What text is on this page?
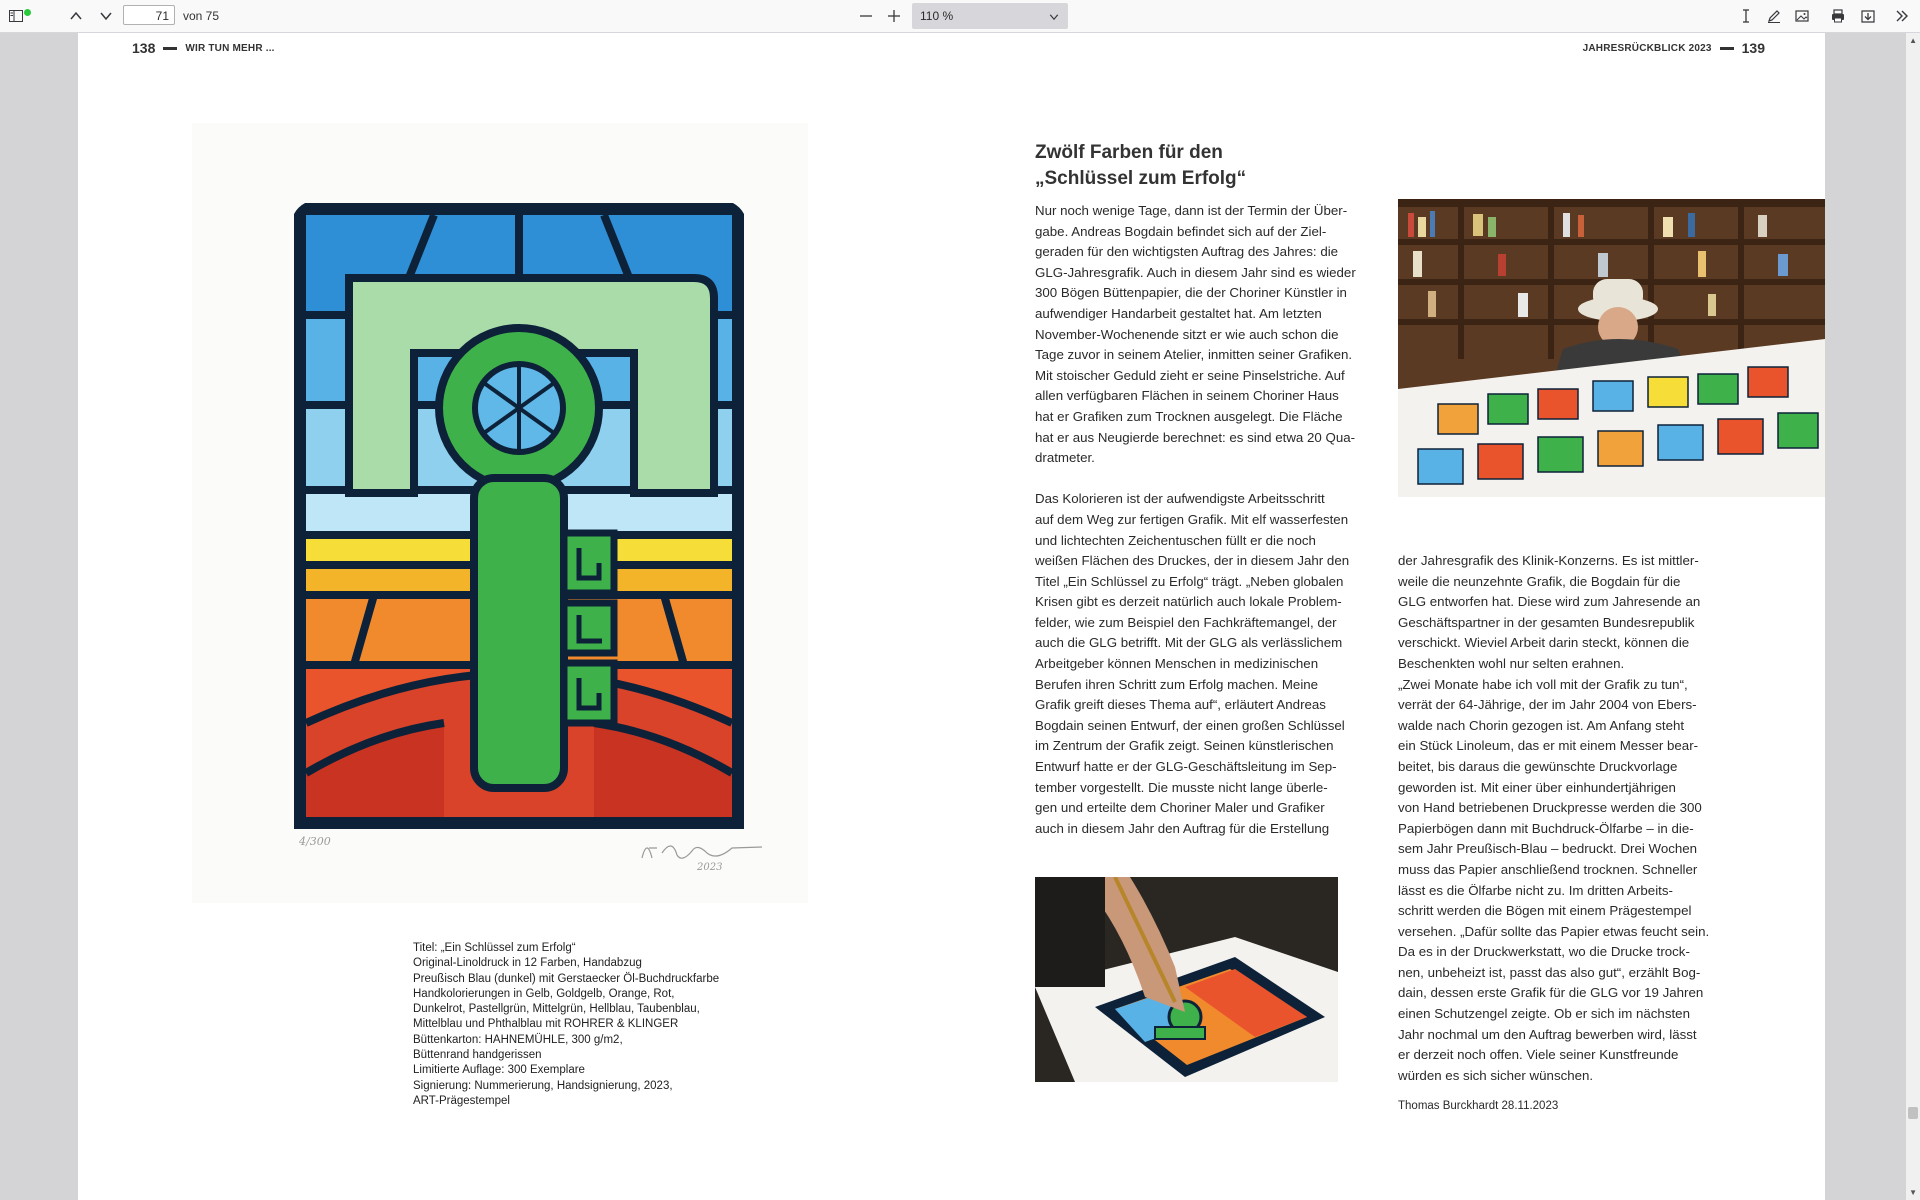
71	von 75	110 %
138	WIR TUN MEHR ...	JAHRESRÜCKBLICK 2023 139
4/300
2023
Titel: „Ein Schlüssel zum Erfolg“
Original-Linoldruck in 12 Farben, Handabzug
Preußisch Blau (dunkel) mit Gerstaecker Öl-Buchdruckfarbe
Handkolorierungen in Gelb, Goldgelb, Orange, Rot,
Dunkelrot, Pastellgrün, Mittelgrün, Hellblau, Taubenblau,
Mittelblau und Phthalblau mit ROHRER & KLINGER
Büttenkarton: HAHNEMÜHLE, 300 g/m2,
Büttenrand handgerissen
Limitierte Auflage: 300 Exemplare
Signierung: Nummerierung, Handsignierung, 2023,
ART-Prägestempel
Zwölf Farben für den
„Schlüssel zum Erfolg“
Nur noch wenige Tage, dann ist der Termin der Über-
gabe. Andreas Bogdain befindet sich auf der Ziel-
geraden für den wichtigsten Auftrag des Jahres: die
GLG-Jahresgrafik. Auch in diesem Jahr sind es wieder
300 Bögen Büttenpapier, die der Choriner Künstler in
aufwendiger Handarbeit gestaltet hat. Am letzten
November-Wochenende sitzt er wie auch schon die
Tage zuvor in seinem Atelier, inmitten seiner Grafiken.
Mit stoischer Geduld zieht er seine Pinselstriche. Auf
allen verfügbaren Flächen in seinem Choriner Haus
hat er Grafiken zum Trocknen ausgelegt. Die Fläche
hat er aus Neugierde berechnet: es sind etwa 20 Qua-
dratmeter.
Das Kolorieren ist der aufwendigste Arbeitsschritt
auf dem Weg zur fertigen Grafik. Mit elf wasserfesten
und lichtechten Zeichentuschen füllt er die noch
weißen Flächen des Druckes, der in diesem Jahr den
Titel „Ein Schlüssel zu Erfolg“ trägt. „Neben globalen
Krisen gibt es derzeit natürlich auch lokale Problem-
felder, wie zum Beispiel den Fachkräftemangel, der
auch die GLG betrifft. Mit der GLG als verlässlichem
Arbeitgeber können Menschen in medizinischen
Berufen ihren Schritt zum Erfolg machen. Meine
Grafik greift dieses Thema auf“, erläutert Andreas
Bogdain seinen Entwurf, der einen großen Schlüssel
im Zentrum der Grafik zeigt. Seinen künstlerischen
Entwurf hatte er der GLG-Geschäftsleitung im Sep-
tember vorgestellt. Die musste nicht lange überle-
gen und erteilte dem Choriner Maler und Grafiker
auch in diesem Jahr den Auftrag für die Erstellung
der Jahresgrafik des Klinik-Konzerns. Es ist mittler-
weile die neunzehnte Grafik, die Bogdain für die
GLG entworfen hat. Diese wird zum Jahresende an
Geschäftspartner in der gesamten Bundesrepublik
verschickt. Wieviel Arbeit darin steckt, können die
Beschenkten wohl nur selten erahnen.
„Zwei Monate habe ich voll mit der Grafik zu tun“,
verrät der 64-Jährige, der im Jahr 2004 von Ebers-
walde nach Chorin gezogen ist. Am Anfang steht
ein Stück Linoleum, das er mit einem Messer bear-
beitet, bis daraus die gewünschte Druckvorlage
geworden ist. Mit einer über einhundertjährigen
von Hand betriebenen Druckpresse werden die 300
Papierbögen dann mit Buchdruck-Ölfarbe – in die-
sem Jahr Preußisch-Blau – bedruckt. Drei Wochen
muss das Papier anschließend trocknen. Schneller
lässt es die Ölfarbe nicht zu. Im dritten Arbeits-
schritt werden die Bögen mit einem Prägestempel
versehen. „Dafür sollte das Papier etwas feucht sein.
Da es in der Druckwerkstatt, wo die Drucke trock-
nen, unbeheizt ist, passt das also gut“, erzählt Bog-
dain, dessen erste Grafik für die GLG vor 19 Jahren
einen Schutzengel zeigte. Ob er sich im nächsten
Jahr nochmal um den Auftrag bewerben wird, lässt
er derzeit noch offen. Viele seiner Kunstfreunde
würden es sich sicher wünschen.
Thomas Burckhardt 28.11.2023
▲
▼
